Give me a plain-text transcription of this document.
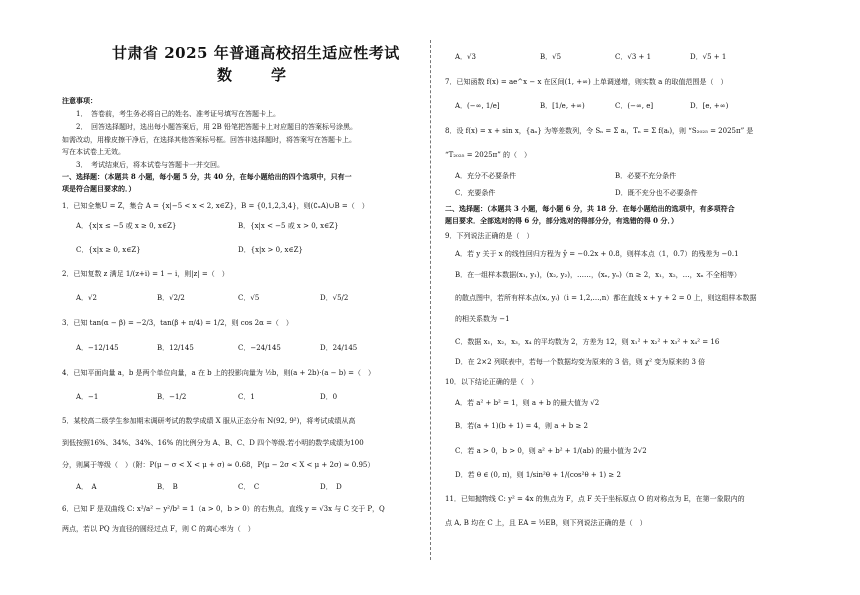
甘肃省 2025 年普通高校招生适应性考试
数　学
注意事项：
1．　答卷前，考生务必将自己的姓名、准考证号填写在答题卡上。
2．　回答选择题时，选出每小题答案后，用 2B 铅笔把答题卡上对应题目的答案标号涂黑。
如需改动，用橡皮擦干净后，在选择其他答案标号框。回答非选择题时，将答案写在答题卡上。
写在本试卷上无效。
3．　考试结束后，将本试卷与答题卡一并交回。
一、选择题：（本题共 8 小题，每小题 5 分，共 40 分，在每小题给出的四个选项中，只有一
项是符合题目要求的．）
1．已知全集U = Z，集合 A = {x|−5 < x < 2, x∈Z}，B = {0,1,2,3,4}，则(∁ₓA)∪B =（　）
A．{x|x ≤ −5 或 x ≥ 0, x∈Z}	B．{x|x < −5 或 x > 0, x∈Z}
C．{x|x ≥ 0, x∈Z}	D．{x|x > 0, x∈Z}
2．已知复数 z 满足 1/(z+i) = 1 − i，则|z| =（　）
A．√2	B．√2/2	C．√5	D．√5/2
3．已知 tan(α − β) = −2/3，tan(β + π/4) = 1/2，则 cos 2α =（　）
A．−12/145	B．12/145	C．−24/145	D．24/145
4．已知平面向量 a，b 是两个单位向量，a 在 b 上的投影向量为 ½b，则(a + 2b)·(a − b) =（　）
A．−1	B．−1/2	C．1	D．0
5．某校高二级学生参加期末调研考试的数学成绩 X 服从正态分布 N(92, 9²)，将考试成绩从高
到低按照16%、34%、34%、16% 的比例分为 A、B、C、D 四个等级.若小明的数学成绩为100
分，则属于等级（　）（附：P(μ − σ < X < μ + σ) ≈ 0.68，P(μ − 2σ < X < μ + 2σ) ≈ 0.95）
A．　A	B．　B	C．　C	D．　D
6．已知 F 是双曲线 C: x²/a² − y²/b² = 1（a > 0，b > 0）的右焦点，直线 y = √3x 与 C 交于 P，Q
两点，若以 PQ 为直径的圆经过点 F，则 C 的离心率为（　）
A．√3	B．√5	C．√3 + 1	D．√5 + 1
7．已知函数 f(x) = ae^x − x 在区间(1, +∞) 上单调递增，则实数 a 的取值范围是（　）
A．(−∞, 1/e]	B．[1/e, +∞)	C．(−∞, e]	D．[e, +∞)
8．设 f(x) = x + sin x，{aₙ} 为等差数列，令 Sₙ = Σ aᵢ，Tₙ = Σ f(aᵢ)，则 “S₂₀₂₅ = 2025π” 是
“T₂₀₂₅ = 2025π” 的（　）
A．充分不必要条件	B．必要不充分条件
C．充要条件	D．既不充分也不必要条件
二、选择题：（本题共 3 小题，每小题 6 分，共 18 分．在每小题给出的选项中，有多项符合
题目要求．全部选对的得 6 分，部分选对的得部分分，有选错的得 0 分．）
9．下列说法正确的是（　）
A．若 y 关于 x 的线性回归方程为 ŷ = −0.2x + 0.8，则样本点（1，0.7）的残差为 −0.1
B．在一组样本数据(x₁, y₁)，(x₂, y₂)，……，(xₙ, yₙ)（n ≥ 2，x₁，x₂，…，xₙ 不全相等）
的散点图中，若所有样本点(xᵢ, yᵢ)（i = 1,2,…,n）都在直线 x + y + 2 = 0 上，则这组样本数据
的相关系数为 −1
C．数据 x₁，x₂，x₃，x₄ 的平均数为 2，方差为 12，则 x₁² + x₂² + x₃² + x₄² = 16
D．在 2×2 列联表中，若每一个数据均变为原来的 3 倍，则 χ² 变为原来的 3 倍
10．以下结论正确的是（　）
A．若 a² + b² = 1，则 a + b 的最大值为 √2
B．若(a + 1)(b + 1) = 4，则 a + b ≥ 2
C．若 a > 0，b > 0，则 a² + b² + 1/(ab) 的最小值为 2√2
D．若 θ ∈ (0, π)，则 1/sin²θ + 1/(cos²θ + 1) ≥ 2
11．已知抛物线 C: y² = 4x 的焦点为 F，点 F 关于坐标原点 O 的对称点为 E，在第一象限内的
点 A, B 均在 C 上，且 EA = ½EB，则下列说法正确的是（　）
